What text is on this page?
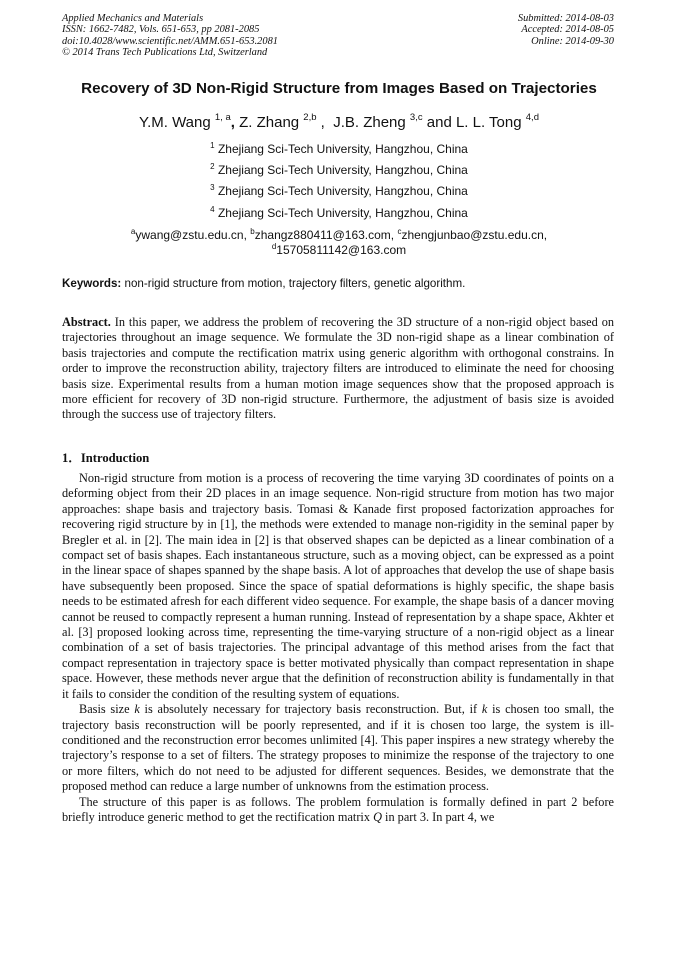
Applied Mechanics and Materials
ISSN: 1662-7482, Vols. 651-653, pp 2081-2085
doi:10.4028/www.scientific.net/AMM.651-653.2081
© 2014 Trans Tech Publications Ltd, Switzerland
Submitted: 2014-08-03
Accepted: 2014-08-05
Online: 2014-09-30
Recovery of 3D Non-Rigid Structure from Images Based on Trajectories
Y.M. Wang $^{1, a}$, Z. Zhang $^{2,b}$ ,  J.B. Zheng $^{3,c}$ and L. L. Tong $^{4,d}$
$^1$ Zhejiang Sci-Tech University, Hangzhou, China
$^2$ Zhejiang Sci-Tech University, Hangzhou, China
$^3$ Zhejiang Sci-Tech University, Hangzhou, China
$^4$ Zhejiang Sci-Tech University, Hangzhou, China
$^a$ywang@zstu.edu.cn, $^b$zhangz880411@163.com, $^c$zhengjunbao@zstu.edu.cn,
$^d$15705811142@163.com
Keywords: non-rigid structure from motion, trajectory filters, genetic algorithm.

Abstract. In this paper, we address the problem of recovering the 3D structure of a non-rigid object based on trajectories throughout an image sequence. We formulate the 3D non-rigid shape as a linear combination of basis trajectories and compute the rectification matrix using generic algorithm with orthogonal constrains. In order to improve the reconstruction ability, trajectory filters are introduced to eliminate the need for choosing basis size. Experimental results from a human motion image sequences show that the proposed approach is more efficient for recovery of 3D non-rigid structure. Furthermore, the adjustment of basis size is avoided through the success use of trajectory filters.

1．Introduction

Non-rigid structure from motion is a process of recovering the time varying 3D coordinates of points on a deforming object from their 2D places in an image sequence. Non-rigid structure from motion has two major approaches: shape basis and trajectory basis. Tomasi & Kanade first proposed factorization approaches for recovering rigid structure by in [1], the methods were extended to manage non-rigidity in the seminal paper by Bregler et al. in [2]. The main idea in [2] is that observed shapes can be depicted as a linear combination of a compact set of basis shapes. Each instantaneous structure, such as a moving object, can be expressed as a point in the linear space of shapes spanned by the shape basis. A lot of approaches that develop the use of shape basis have subsequently been proposed. Since the space of spatial deformations is highly specific, the shape basis needs to be estimated afresh for each different video sequence. For example, the shape basis of a dancer moving cannot be reused to compactly represent a human running. Instead of representation by a shape space, Akhter et al. [3] proposed looking across time, representing the time-varying structure of a non-rigid object as a linear combination of a set of basis trajectories. The principal advantage of this method arises from the fact that compact representation in trajectory space is better motivated physically than compact representation in shape space. However, these methods never argue that the definition of reconstruction ability is fundamentally in that it fails to consider the condition of the resulting system of equations.

Basis size k is absolutely necessary for trajectory basis reconstruction. But, if k is chosen too small, the trajectory basis reconstruction will be poorly represented, and if it is chosen too large, the system is ill-conditioned and the reconstruction error becomes unlimited [4]. This paper inspires a new strategy whereby the trajectory’s response to a set of filters. The strategy proposes to minimize the response of the trajectory to one or more filters, which do not need to be adjusted for different sequences. Besides, we demonstrate that the proposed method can reduce a large number of unknowns from the estimation process.

The structure of this paper is as follows. The problem formulation is formally defined in part 2 before briefly introduce generic method to get the rectification matrix Q in part 3. In part 4, we
